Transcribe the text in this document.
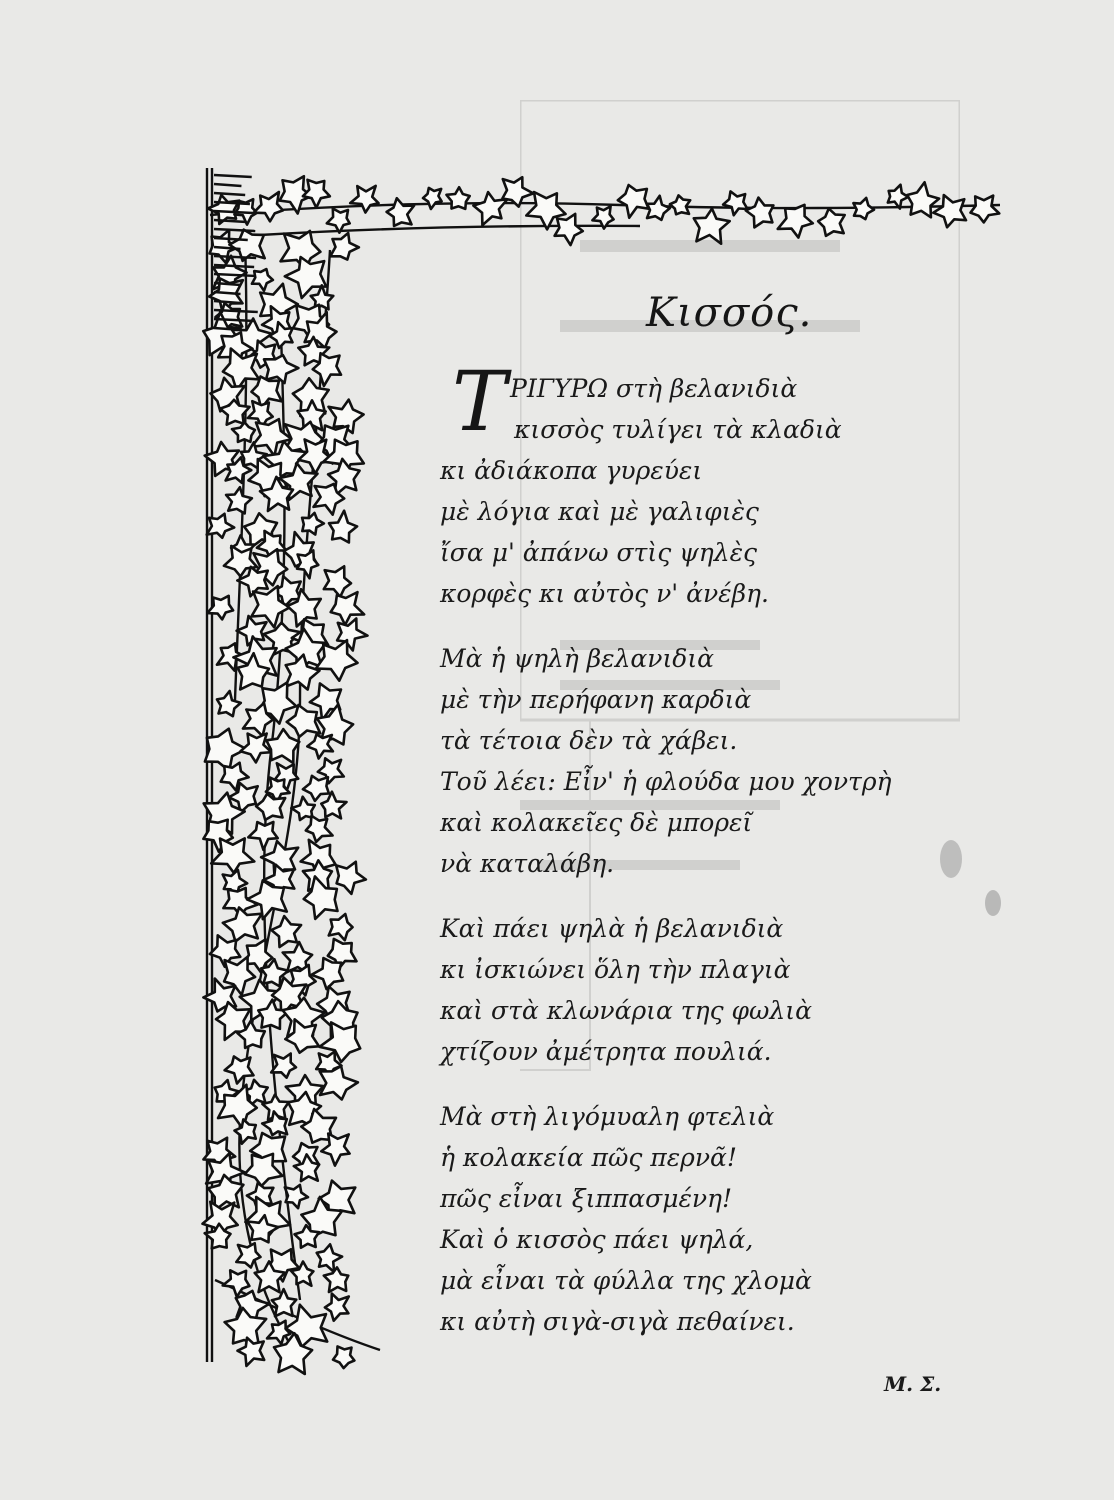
Κισσός.
Τ ΡΙΓΥΡΩ στὴ βελανιδιὰ
κισσὸς τυλίγει τὰ κλαδιὰ
κι ἀδιάκοπα γυρεύει
μὲ λόγια καὶ μὲ γαλιφιὲς
ἴσα μ' ἀπάνω στὶς ψηλὲς
κορφὲς κι αὐτὸς ν' ἀνέβη.
Μὰ ἡ ψηλὴ βελανιδιὰ
μὲ τὴν περήφανη καρδιὰ
τὰ τέτοια δὲν τὰ χάβει.
Τοῦ λέει: Εἶν' ἡ φλούδα μου χοντρὴ
καὶ κολακεῖες δὲ μπορεῖ
νὰ καταλάβη.
Καὶ πάει ψηλὰ ἡ βελανιδιὰ
κι ἰσκιώνει ὅλη τὴν πλαγιὰ
καὶ στὰ κλωνάρια της φωλιὰ
χτίζουν ἀμέτρητα πουλιά.
Μὰ στὴ λιγόμυαλη φτελιὰ
ἡ κολακεία πῶς περνᾶ!
πῶς εἶναι ξιππασμένη!
Καὶ ὁ κισσὸς πάει ψηλά,
μὰ εἶναι τὰ φύλλα της χλομὰ
κι αὐτὴ σιγὰ-σιγὰ πεθαίνει.
Μ. Σ.
